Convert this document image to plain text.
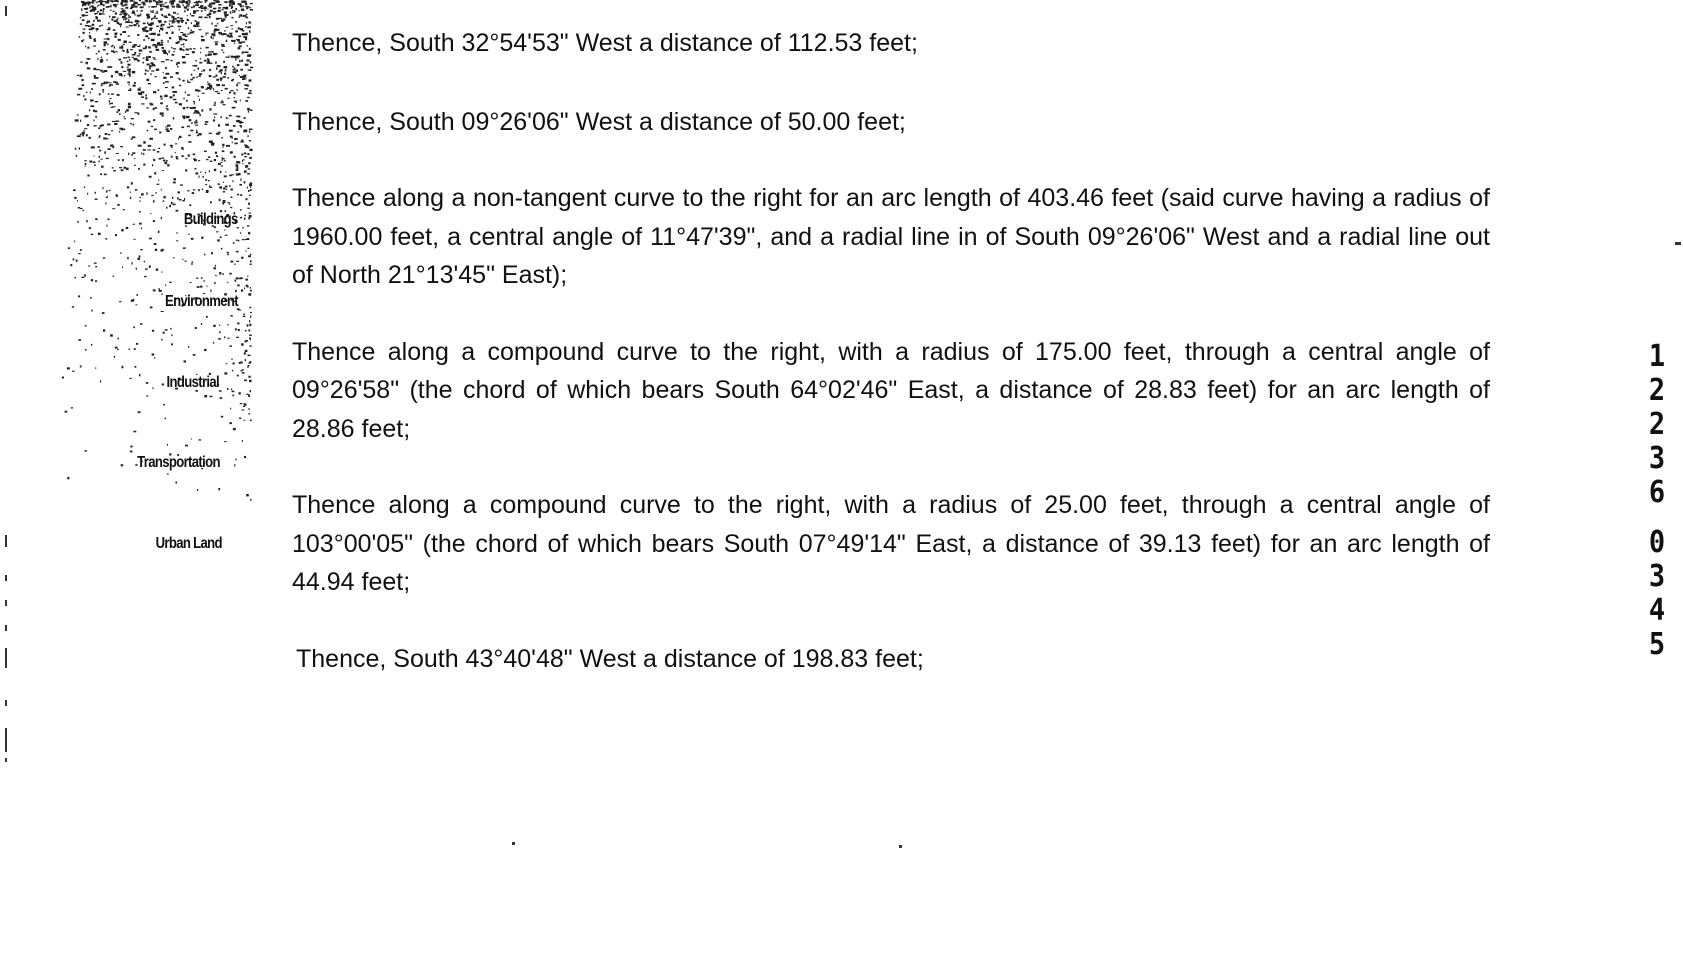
Buildings
Environment
Industrial
Transportation
Urban Land

Thence, South 32°54'53" West a distance of 112.53 feet;

Thence, South 09°26'06" West a distance of 50.00 feet;

Thence along a non-tangent curve to the right for an arc length of 403.46 feet (said curve having a radius of 1960.00 feet, a central angle of 11°47'39", and a radial line in of South 09°26'06" West and a radial line out of North 21°13'45" East);

Thence along a compound curve to the right, with a radius of 175.00 feet, through a central angle of 09°26'58" (the chord of which bears South 64°02'46" East, a distance of 28.83 feet) for an arc length of 28.86 feet;

Thence along a compound curve to the right, with a radius of 25.00 feet, through a central angle of 103°00'05" (the chord of which bears South 07°49'14" East, a distance of 39.13 feet) for an arc length of 44.94 feet;

Thence, South 43°40'48" West a distance of 198.83 feet;

1
2
2
3
6
0
3
4
5
